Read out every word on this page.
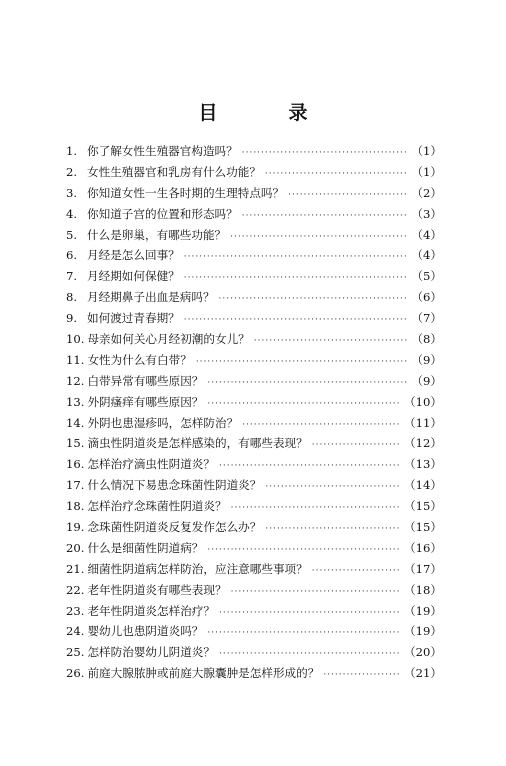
目　录
1. 你了解女性生殖器官构造吗？ ·····	（1）
2. 女性生殖器官和乳房有什么功能？ ·····	（1）
3. 你知道女性一生各时期的生理特点吗？ ·····	（2）
4. 你知道子宫的位置和形态吗？ ·····	（3）
5. 什么是卵巢，有哪些功能？ ·····	（4）
6. 月经是怎么回事？ ·····	（4）
7. 月经期如何保健？ ·····	（5）
8. 月经期鼻子出血是病吗？ ·····	（6）
9. 如何渡过青春期？ ·····	（7）
10. 母亲如何关心月经初潮的女儿？ ·····	（8）
11. 女性为什么有白带？ ·····	（9）
12. 白带异常有哪些原因？ ·····	（9）
13. 外阴瘙痒有哪些原因？ ·····	（10）
14. 外阴也患湿疹吗，怎样防治？ ·····	（11）
15. 滴虫性阴道炎是怎样感染的，有哪些表现？ ·····	（12）
16. 怎样治疗滴虫性阴道炎？ ·····	（13）
17. 什么情况下易患念珠菌性阴道炎？ ·····	（14）
18. 怎样治疗念珠菌性阴道炎？ ·····	（15）
19. 念珠菌性阴道炎反复发作怎么办？ ·····	（15）
20. 什么是细菌性阴道病？ ·····	（16）
21. 细菌性阴道病怎样防治，应注意哪些事项？ ·····	（17）
22. 老年性阴道炎有哪些表现？ ·····	（18）
23. 老年性阴道炎怎样治疗？ ·····	（19）
24. 婴幼儿也患阴道炎吗？ ·····	（19）
25. 怎样防治婴幼儿阴道炎？ ·····	（20）
26. 前庭大腺脓肿或前庭大腺囊肿是怎样形成的？ ·····	（21）
